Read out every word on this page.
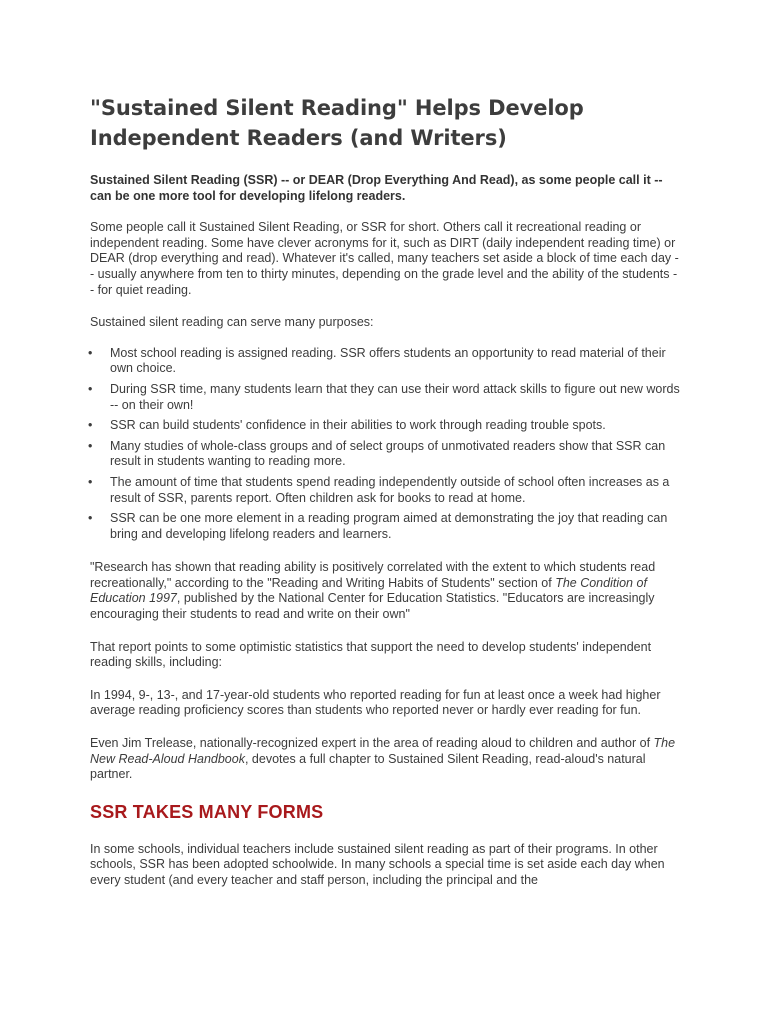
"Sustained Silent Reading" Helps Develop Independent Readers (and Writers)

Sustained Silent Reading (SSR) -- or DEAR (Drop Everything And Read), as some people call it -- can be one more tool for developing lifelong readers.

Some people call it Sustained Silent Reading, or SSR for short. Others call it recreational reading or independent reading. Some have clever acronyms for it, such as DIRT (daily independent reading time) or DEAR (drop everything and read). Whatever it's called, many teachers set aside a block of time each day -- usually anywhere from ten to thirty minutes, depending on the grade level and the ability of the students -- for quiet reading.

Sustained silent reading can serve many purposes:

• Most school reading is assigned reading. SSR offers students an opportunity to read material of their own choice.
• During SSR time, many students learn that they can use their word attack skills to figure out new words -- on their own!
• SSR can build students' confidence in their abilities to work through reading trouble spots.
• Many studies of whole-class groups and of select groups of unmotivated readers show that SSR can result in students wanting to reading more.
• The amount of time that students spend reading independently outside of school often increases as a result of SSR, parents report. Often children ask for books to read at home.
• SSR can be one more element in a reading program aimed at demonstrating the joy that reading can bring and developing lifelong readers and learners.

"Research has shown that reading ability is positively correlated with the extent to which students read recreationally," according to the "Reading and Writing Habits of Students" section of The Condition of Education 1997, published by the National Center for Education Statistics. "Educators are increasingly encouraging their students to read and write on their own"

That report points to some optimistic statistics that support the need to develop students' independent reading skills, including:

In 1994, 9-, 13-, and 17-year-old students who reported reading for fun at least once a week had higher average reading proficiency scores than students who reported never or hardly ever reading for fun.

Even Jim Trelease, nationally-recognized expert in the area of reading aloud to children and author of The New Read-Aloud Handbook, devotes a full chapter to Sustained Silent Reading, read-aloud's natural partner.

SSR TAKES MANY FORMS

In some schools, individual teachers include sustained silent reading as part of their programs. In other schools, SSR has been adopted schoolwide. In many schools a special time is set aside each day when every student (and every teacher and staff person, including the principal and the
